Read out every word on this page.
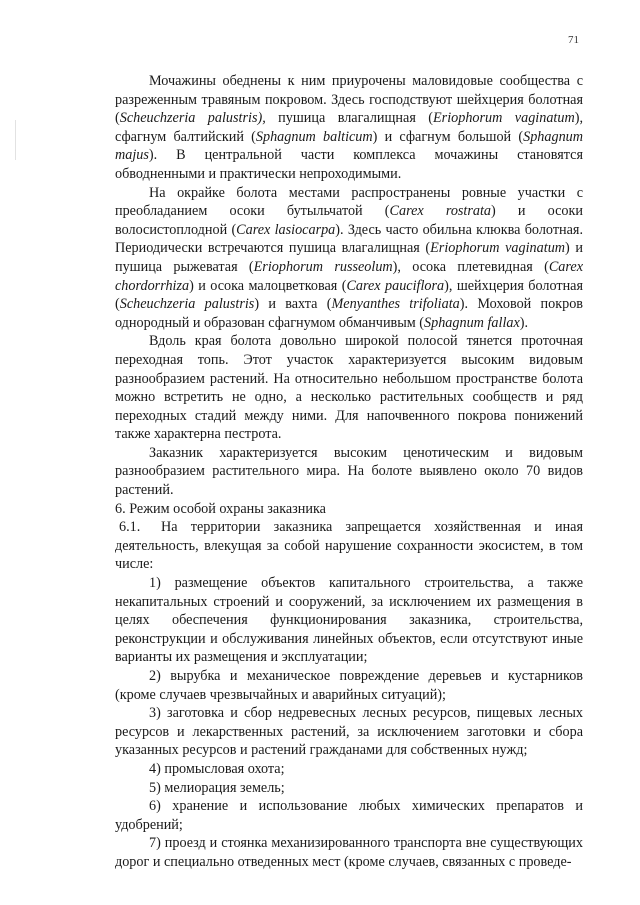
71

Мочажины обеднены к ним приурочены маловидовые сообщества с разреженным травяным покровом. Здесь господствуют шейхцерия болотная (Scheuchzeria palustris), пушица влагалищная (Eriophorum vaginatum), сфагнум балтийский (Sphagnum balticum) и сфагнум большой (Sphagnum majus). В центральной части комплекса мочажины становятся обводненными и практически непроходимыми.

На окрайке болота местами распространены ровные участки с преобладанием осоки бутыльчатой (Carex rostrata) и осоки волосистоплодной (Carex lasiocarpa). Здесь часто обильна клюква болотная. Периодически встречаются пушица влагалищная (Eriophorum vaginatum) и пушица рыжеватая (Eriophorum russeolum), осока плетевидная (Carex chordorrhiza) и осока малоцветковая (Carex pauciflora), шейхцерия болотная (Scheuchzeria palustris) и вахта (Menyanthes trifoliata). Моховой покров однородный и образован сфагнумом обманчивым (Sphagnum fallax).

Вдоль края болота довольно широкой полосой тянется проточная переходная топь. Этот участок характеризуется высоким видовым разнообразием растений. На относительно небольшом пространстве болота можно встретить не одно, а несколько растительных сообществ и ряд переходных стадий между ними. Для напочвенного покрова понижений также характерна пестрота.

Заказник характеризуется высоким ценотическим и видовым разнообразием растительного мира. На болоте выявлено около 70 видов растений.

6. Режим особой охраны заказника

6.1. На территории заказника запрещается хозяйственная и иная деятельность, влекущая за собой нарушение сохранности экосистем, в том числе:

1) размещение объектов капитального строительства, а также некапитальных строений и сооружений, за исключением их размещения в целях обеспечения функционирования заказника, строительства, реконструкции и обслуживания линейных объектов, если отсутствуют иные варианты их размещения и эксплуатации;

2) вырубка и механическое повреждение деревьев и кустарников (кроме случаев чрезвычайных и аварийных ситуаций);

3) заготовка и сбор недревесных лесных ресурсов, пищевых лесных ресурсов и лекарственных растений, за исключением заготовки и сбора указанных ресурсов и растений гражданами для собственных нужд;

4) промысловая охота;

5) мелиорация земель;

6) хранение и использование любых химических препаратов и удобрений;

7) проезд и стоянка механизированного транспорта вне существующих дорог и специально отведенных мест (кроме случаев, связанных с проведе-
